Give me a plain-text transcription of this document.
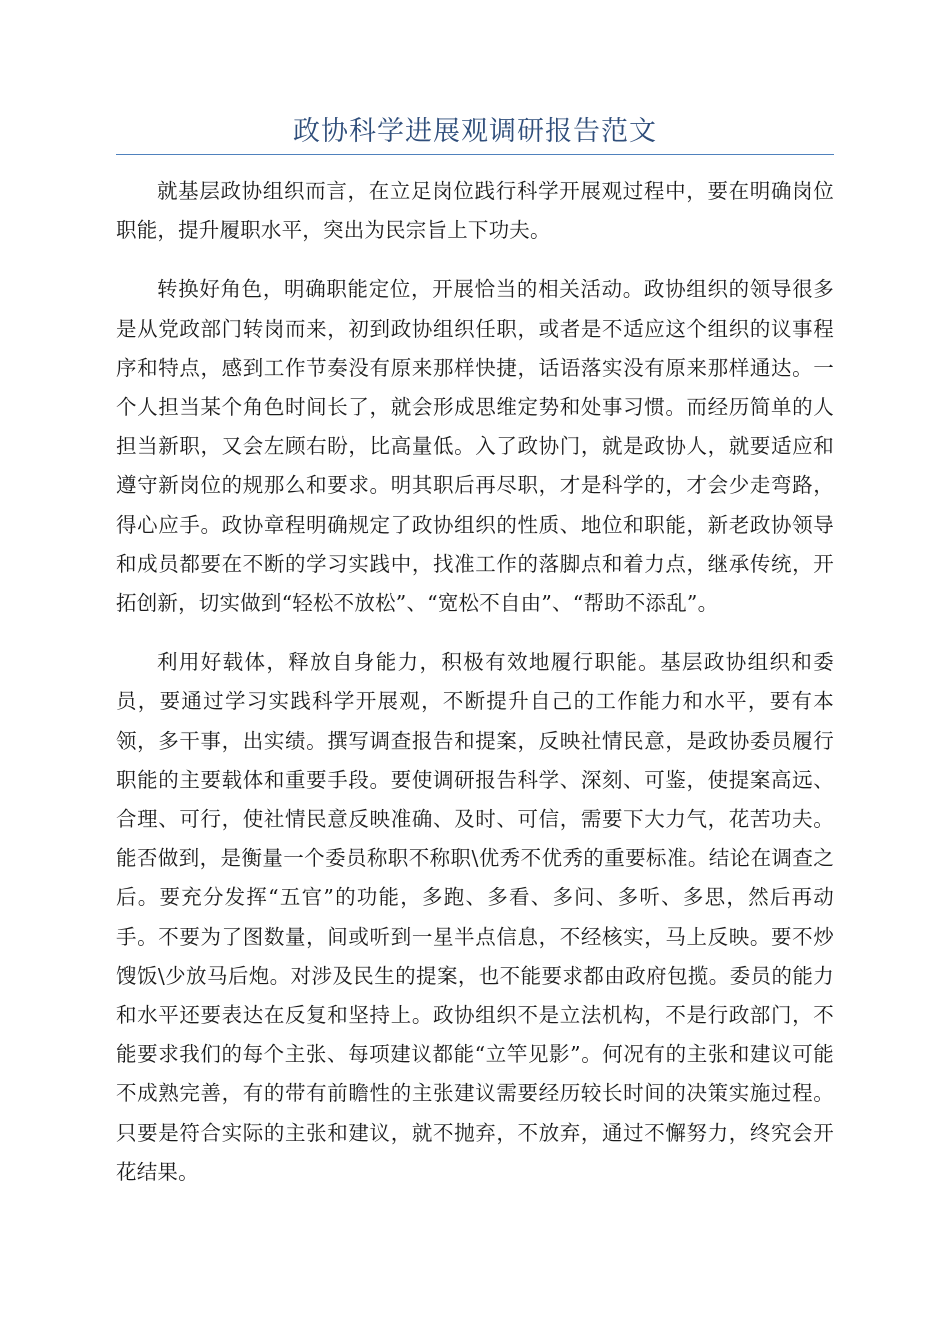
政协科学进展观调研报告范文

就基层政协组织而言，在立足岗位践行科学开展观过程中，要在明确岗位职能，提升履职水平，突出为民宗旨上下功夫。

转换好角色，明确职能定位，开展恰当的相关活动。政协组织的领导很多是从党政部门转岗而来，初到政协组织任职，或者是不适应这个组织的议事程序和特点，感到工作节奏没有原来那样快捷，话语落实没有原来那样通达。一个人担当某个角色时间长了，就会形成思维定势和处事习惯。而经历简单的人担当新职，又会左顾右盼，比高量低。入了政协门，就是政协人，就要适应和遵守新岗位的规那么和要求。明其职后再尽职，才是科学的，才会少走弯路，得心应手。政协章程明确规定了政协组织的性质、地位和职能，新老政协领导和成员都要在不断的学习实践中，找准工作的落脚点和着力点，继承传统，开拓创新，切实做到“轻松不放松”、“宽松不自由”、“帮助不添乱”。

利用好载体，释放自身能力，积极有效地履行职能。基层政协组织和委员，要通过学习实践科学开展观，不断提升自己的工作能力和水平，要有本领，多干事，出实绩。撰写调查报告和提案，反映社情民意，是政协委员履行职能的主要载体和重要手段。要使调研报告科学、深刻、可鉴，使提案高远、合理、可行，使社情民意反映准确、及时、可信，需要下大力气，花苦功夫。能否做到，是衡量一个委员称职不称职\优秀不优秀的重要标准。结论在调查之后。要充分发挥“五官”的功能，多跑、多看、多问、多听、多思，然后再动手。不要为了图数量，间或听到一星半点信息，不经核实，马上反映。要不炒馊饭\少放马后炮。对涉及民生的提案，也不能要求都由政府包揽。委员的能力和水平还要表达在反复和坚持上。政协组织不是立法机构，不是行政部门，不能要求我们的每个主张、每项建议都能“立竿见影”。何况有的主张和建议可能不成熟完善，有的带有前瞻性的主张建议需要经历较长时间的决策实施过程。只要是符合实际的主张和建议，就不抛弃，不放弃，通过不懈努力，终究会开花结果。
